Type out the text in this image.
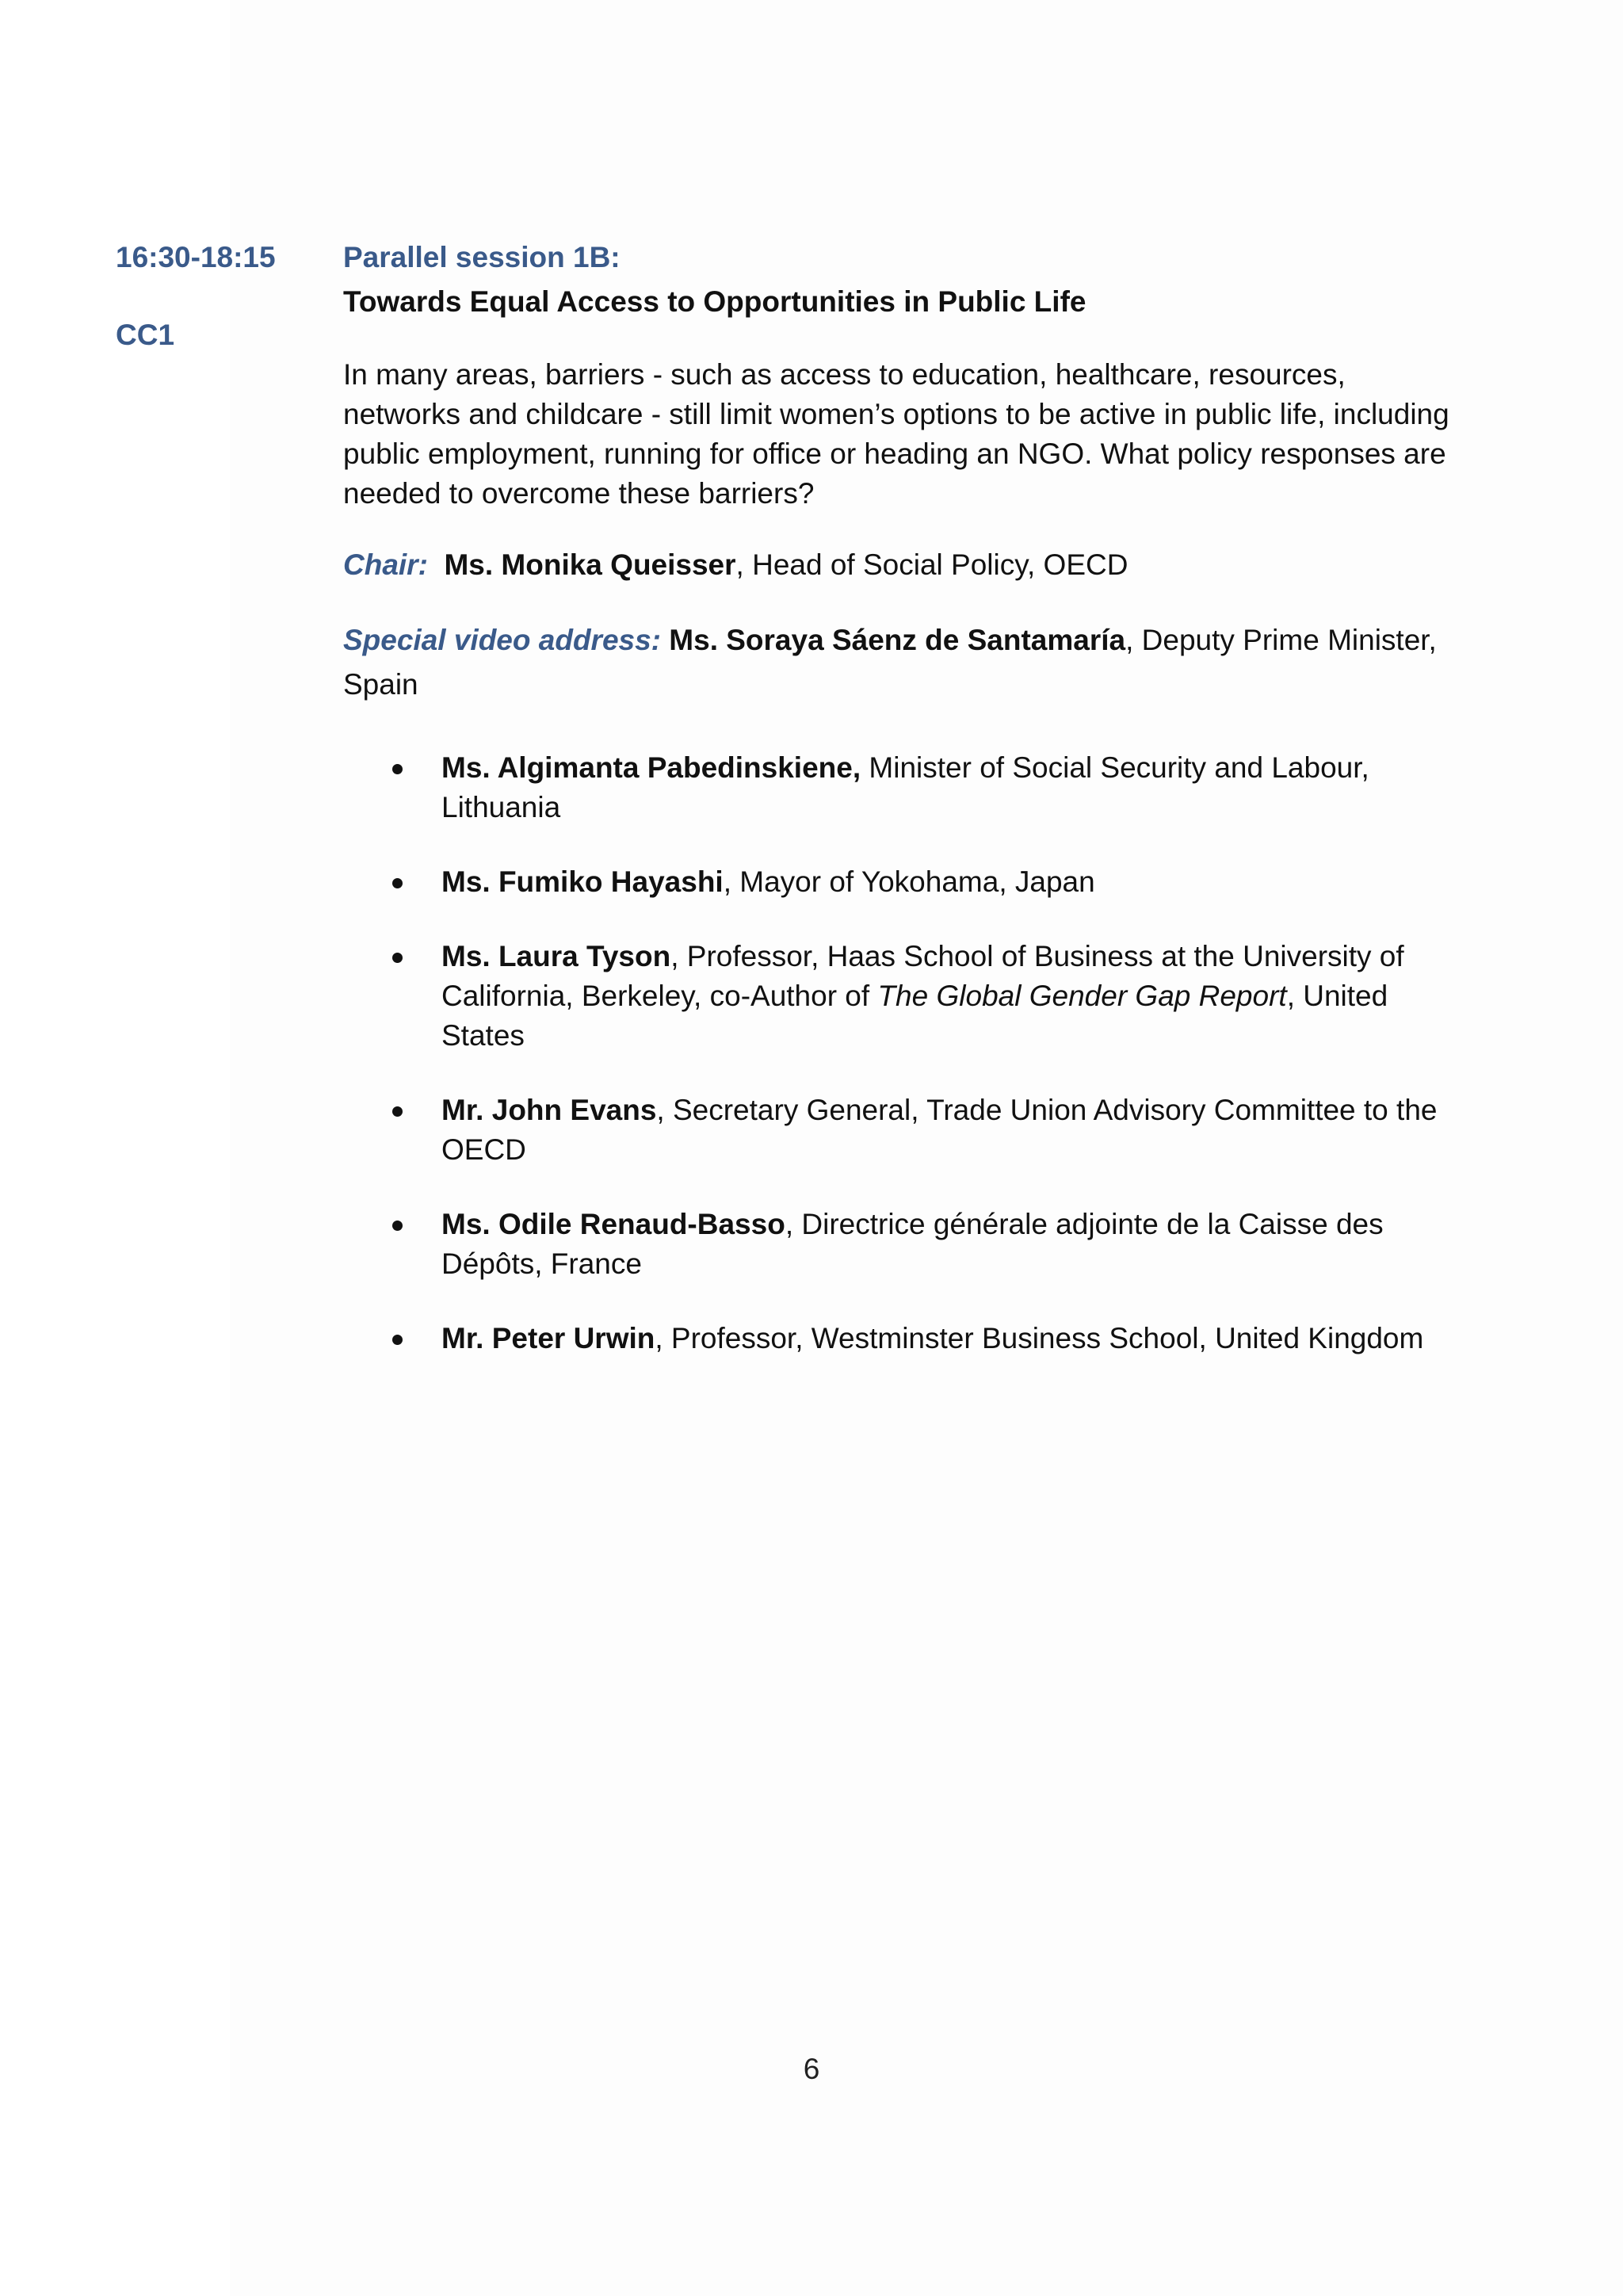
16:30-18:15
CC1
Parallel session 1B:
Towards Equal Access to Opportunities in Public Life
In many areas, barriers - such as access to education, healthcare, resources, networks and childcare - still limit women’s options to be active in public life, including public employment, running for office or heading an NGO. What policy responses are needed to overcome these barriers?
Chair: Ms. Monika Queisser, Head of Social Policy, OECD
Special video address: Ms. Soraya Sáenz de Santamaría, Deputy Prime Minister, Spain
Ms. Algimanta Pabedinskiene, Minister of Social Security and Labour, Lithuania
Ms. Fumiko Hayashi, Mayor of Yokohama, Japan
Ms. Laura Tyson, Professor, Haas School of Business at the University of California, Berkeley, co-Author of The Global Gender Gap Report, United States
Mr. John Evans, Secretary General, Trade Union Advisory Committee to the OECD
Ms. Odile Renaud-Basso, Directrice générale adjointe de la Caisse des Dépôts, France
Mr. Peter Urwin, Professor, Westminster Business School, United Kingdom
6
